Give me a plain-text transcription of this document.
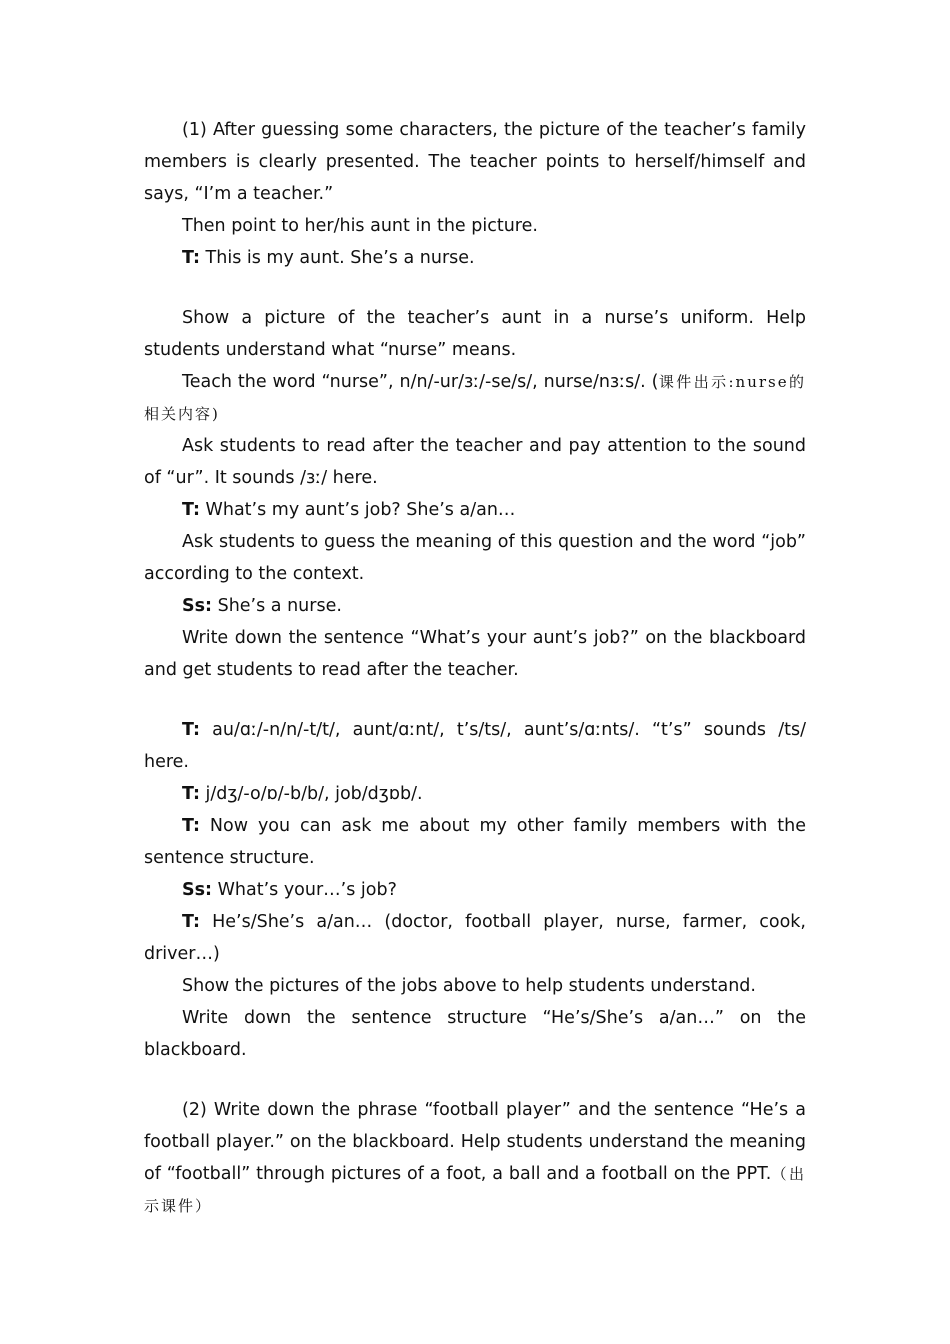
(1) After guessing some characters, the picture of the teacher’s family members is clearly presented. The teacher points to herself/himself and says, “I’m a teacher.”

Then point to her/his aunt in the picture.

T: This is my aunt. She’s a nurse.

Show a picture of the teacher’s aunt in a nurse’s uniform. Help students understand what “nurse” means.

Teach the word “nurse”, n/n/-ur/ɜː/-se/s/, nurse/nɜːs/. (课件出示:nurse的相关内容)

Ask students to read after the teacher and pay attention to the sound of “ur”. It sounds /ɜː/ here.

T: What’s my aunt’s job? She’s a/an…

Ask students to guess the meaning of this question and the word “job” according to the context.

Ss: She’s a nurse.

Write down the sentence “What’s your aunt’s job?” on the blackboard and get students to read after the teacher.

T: au/ɑː/-n/n/-t/t/, aunt/ɑːnt/, t’s/ts/, aunt’s/ɑːnts/. “t’s” sounds /ts/ here.

T: j/dʒ/-o/ɒ/-b/b/, job/dʒɒb/.

T: Now you can ask me about my other family members with the sentence structure.

Ss: What’s your…’s job?

T: He’s/She’s a/an… (doctor, football player, nurse, farmer, cook, driver…)

Show the pictures of the jobs above to help students understand.

Write down the sentence structure “He’s/She’s a/an…” on the blackboard.

(2) Write down the phrase “football player” and the sentence “He’s a football player.” on the blackboard. Help students understand the meaning of “football” through pictures of a foot, a ball and a football on the PPT.（出示课件）
